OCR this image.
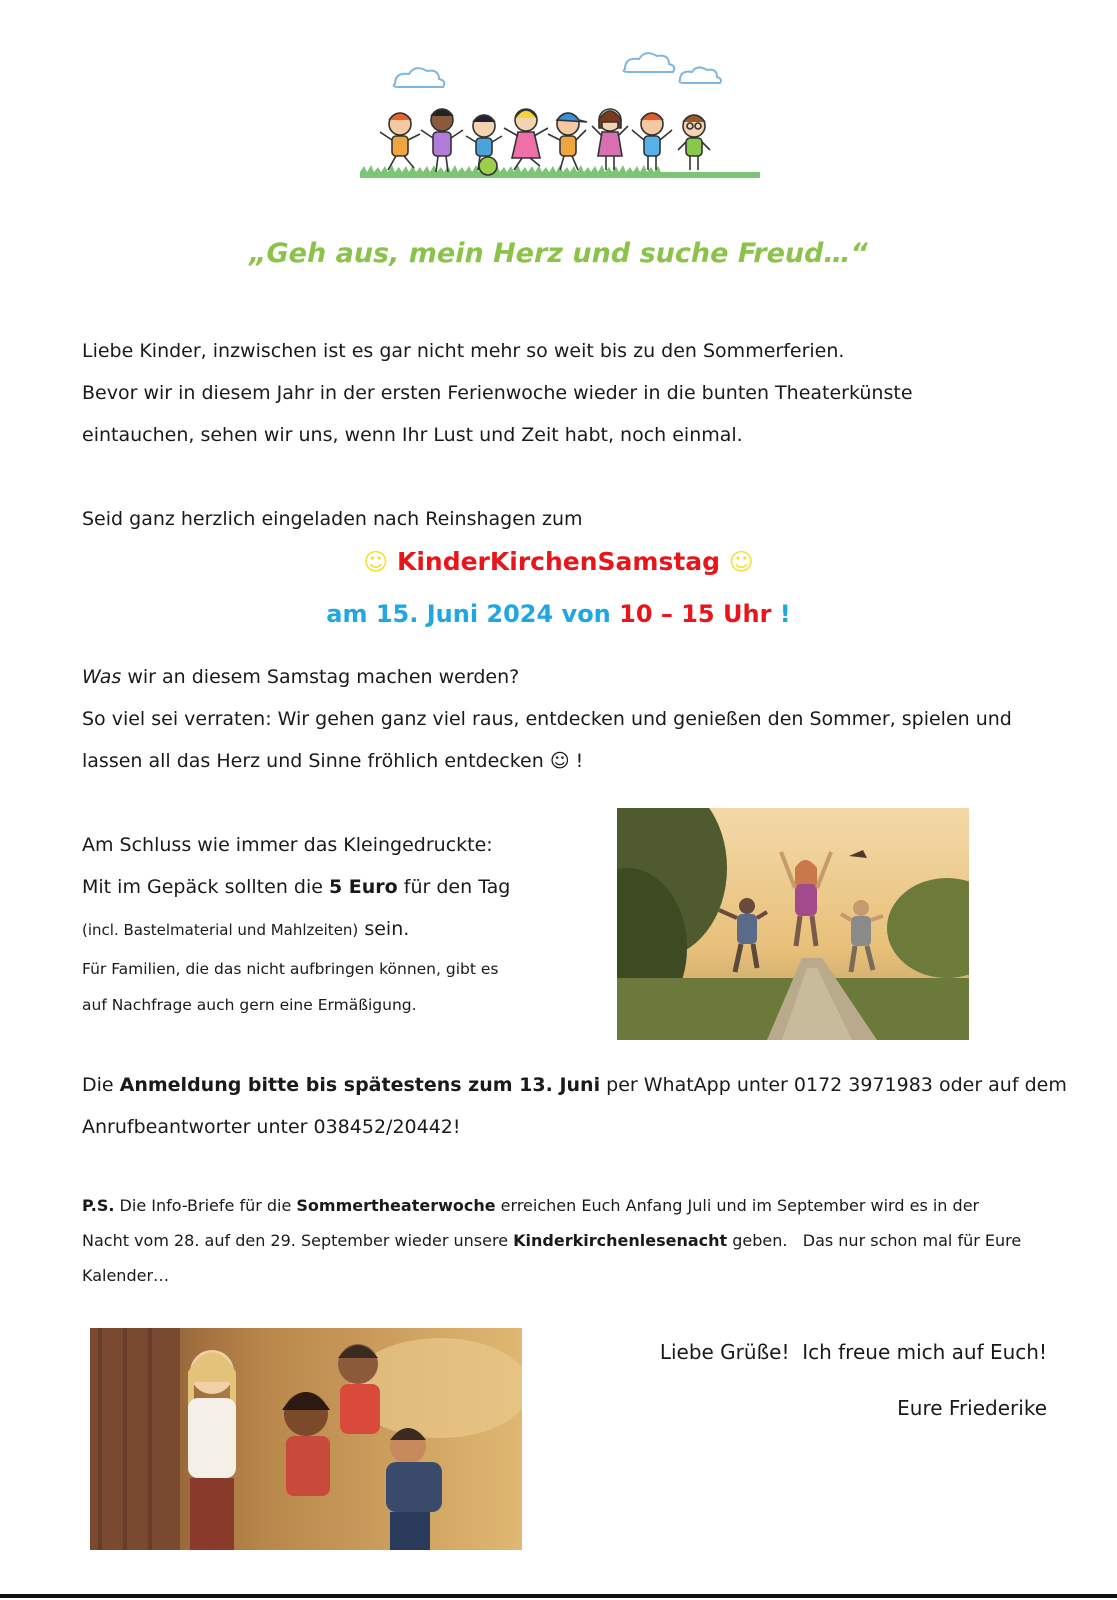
„Geh aus, mein Herz und suche Freud…“

Liebe Kinder, inzwischen ist es gar nicht mehr so weit bis zu den Sommerferien.

Bevor wir in diesem Jahr in der ersten Ferienwoche wieder in die bunten Theaterkünste

eintauchen, sehen wir uns, wenn Ihr Lust und Zeit habt, noch einmal.

Seid ganz herzlich eingeladen nach Reinshagen zum

☺ KinderKirchenSamstag ☺
am 15. Juni 2024 von 10 – 15 Uhr !

Was wir an diesem Samstag machen werden?

So viel sei verraten: Wir gehen ganz viel raus, entdecken und genießen den Sommer, spielen und

lassen all das Herz und Sinne fröhlich entdecken ☺ !

Am Schluss wie immer das Kleingedruckte:

Mit im Gepäck sollten die 5 Euro für den Tag

(incl. Bastelmaterial und Mahlzeiten) sein.

Für Familien, die das nicht aufbringen können, gibt es

auf Nachfrage auch gern eine Ermäßigung.

Die Anmeldung bitte bis spätestens zum 13. Juni per WhatApp unter 0172 3971983 oder auf dem

Anrufbeantworter unter 038452/20442!

P.S. Die Info-Briefe für die Sommertheaterwoche erreichen Euch Anfang Juli und im September wird es in der
Nacht vom 28. auf den 29. September wieder unsere Kinderkirchenlesenacht geben.   Das nur schon mal für Eure
Kalender…
Liebe Grüße!  Ich freue mich auf Euch!
Eure Friederike
